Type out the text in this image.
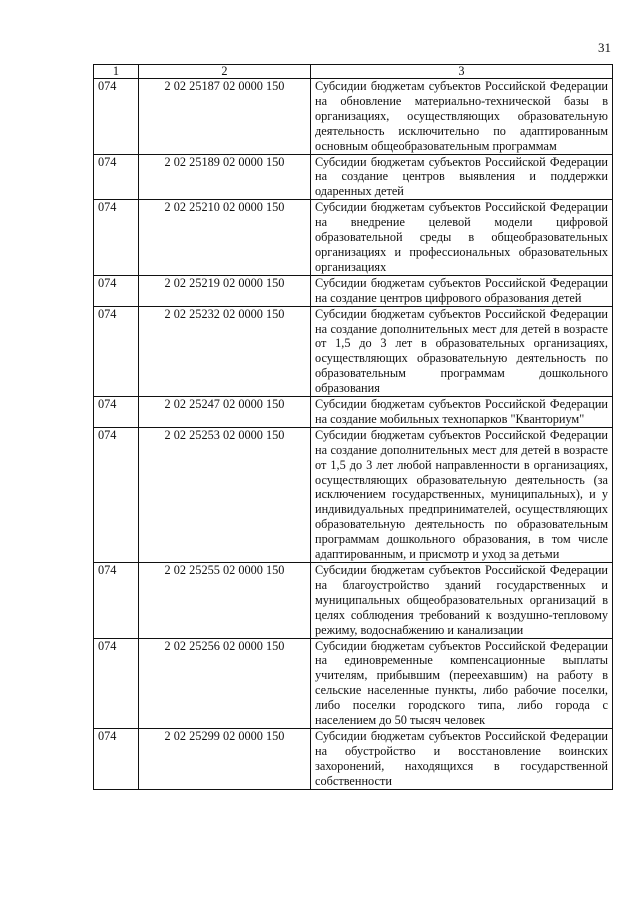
31
1	2	3
074	2 02 25187 02 0000 150	Субсидии бюджетам субъектов Российской Федерации на обновление материально-технической базы в организациях, осуществляющих образовательную деятельность исключительно по адаптированным основным общеобразовательным программам
074	2 02 25189 02 0000 150	Субсидии бюджетам субъектов Российской Федерации на создание центров выявления и поддержки одаренных детей
074	2 02 25210 02 0000 150	Субсидии бюджетам субъектов Российской Федерации на внедрение целевой модели цифровой образовательной среды в общеобразовательных организациях и профессиональных образовательных организациях
074	2 02 25219 02 0000 150	Субсидии бюджетам субъектов Российской Федерации на создание центров цифрового образования детей
074	2 02 25232 02 0000 150	Субсидии бюджетам субъектов Российской Федерации на создание дополнительных мест для детей в возрасте от 1,5 до 3 лет в образовательных организациях, осуществляющих образовательную деятельность по образовательным программам дошкольного образования
074	2 02 25247 02 0000 150	Субсидии бюджетам субъектов Российской Федерации на создание мобильных технопарков "Кванториум"
074	2 02 25253 02 0000 150	Субсидии бюджетам субъектов Российской Федерации на создание дополнительных мест для детей в возрасте от 1,5 до 3 лет любой направленности в организациях, осуществляющих образовательную деятельность (за исключением государственных, муниципальных), и у индивидуальных предпринимателей, осуществляющих образовательную деятельность по образовательным программам дошкольного образования, в том числе адаптированным, и присмотр и уход за детьми
074	2 02 25255 02 0000 150	Субсидии бюджетам субъектов Российской Федерации на благоустройство зданий государственных и муниципальных общеобразовательных организаций в целях соблюдения требований к воздушно-тепловому режиму, водоснабжению и канализации
074	2 02 25256 02 0000 150	Субсидии бюджетам субъектов Российской Федерации на единовременные компенсационные выплаты учителям, прибывшим (переехавшим) на работу в сельские населенные пункты, либо рабочие поселки, либо поселки городского типа, либо города с населением до 50 тысяч человек
074	2 02 25299 02 0000 150	Субсидии бюджетам субъектов Российской Федерации на обустройство и восстановление воинских захоронений, находящихся в государственной собственности
